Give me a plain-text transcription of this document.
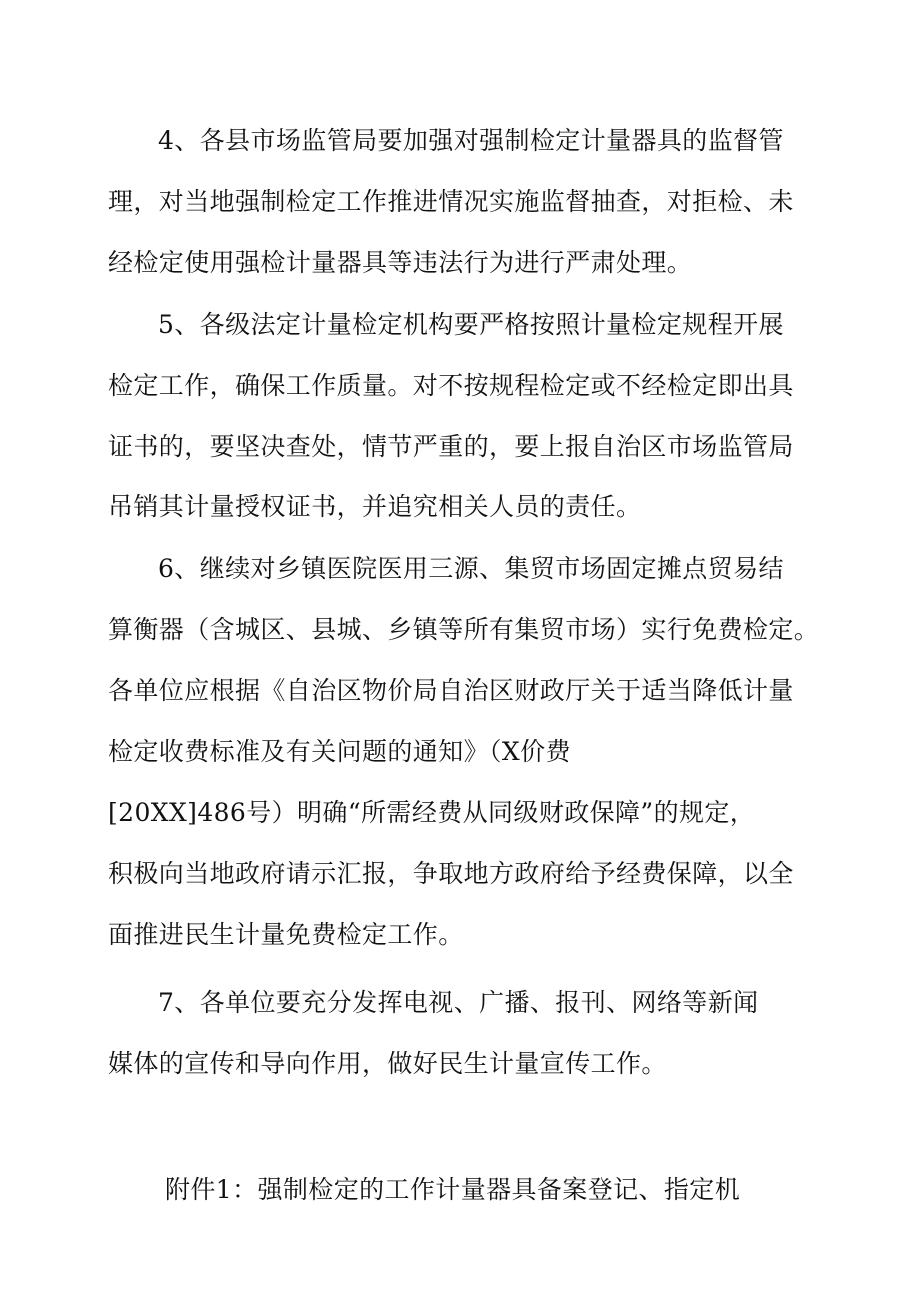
4、各县市场监管局要加强对强制检定计量器具的监督管
理，对当地强制检定工作推进情况实施监督抽查，对拒检、未
经检定使用强检计量器具等违法行为进行严肃处理。
5、各级法定计量检定机构要严格按照计量检定规程开展
检定工作，确保工作质量。对不按规程检定或不经检定即出具
证书的，要坚决查处，情节严重的，要上报自治区市场监管局
吊销其计量授权证书，并追究相关人员的责任。
6、继续对乡镇医院医用三源、集贸市场固定摊点贸易结
算衡器（含城区、县城、乡镇等所有集贸市场）实行免费检定。
各单位应根据《自治区物价局自治区财政厅关于适当降低计量
检定收费标准及有关问题的通知》（X价费
[20XX]486号）明确“所需经费从同级财政保障”的规定，
积极向当地政府请示汇报，争取地方政府给予经费保障，以全
面推进民生计量免费检定工作。
7、各单位要充分发挥电视、广播、报刊、网络等新闻
媒体的宣传和导向作用，做好民生计量宣传工作。
附件1：强制检定的工作计量器具备案登记、指定机
